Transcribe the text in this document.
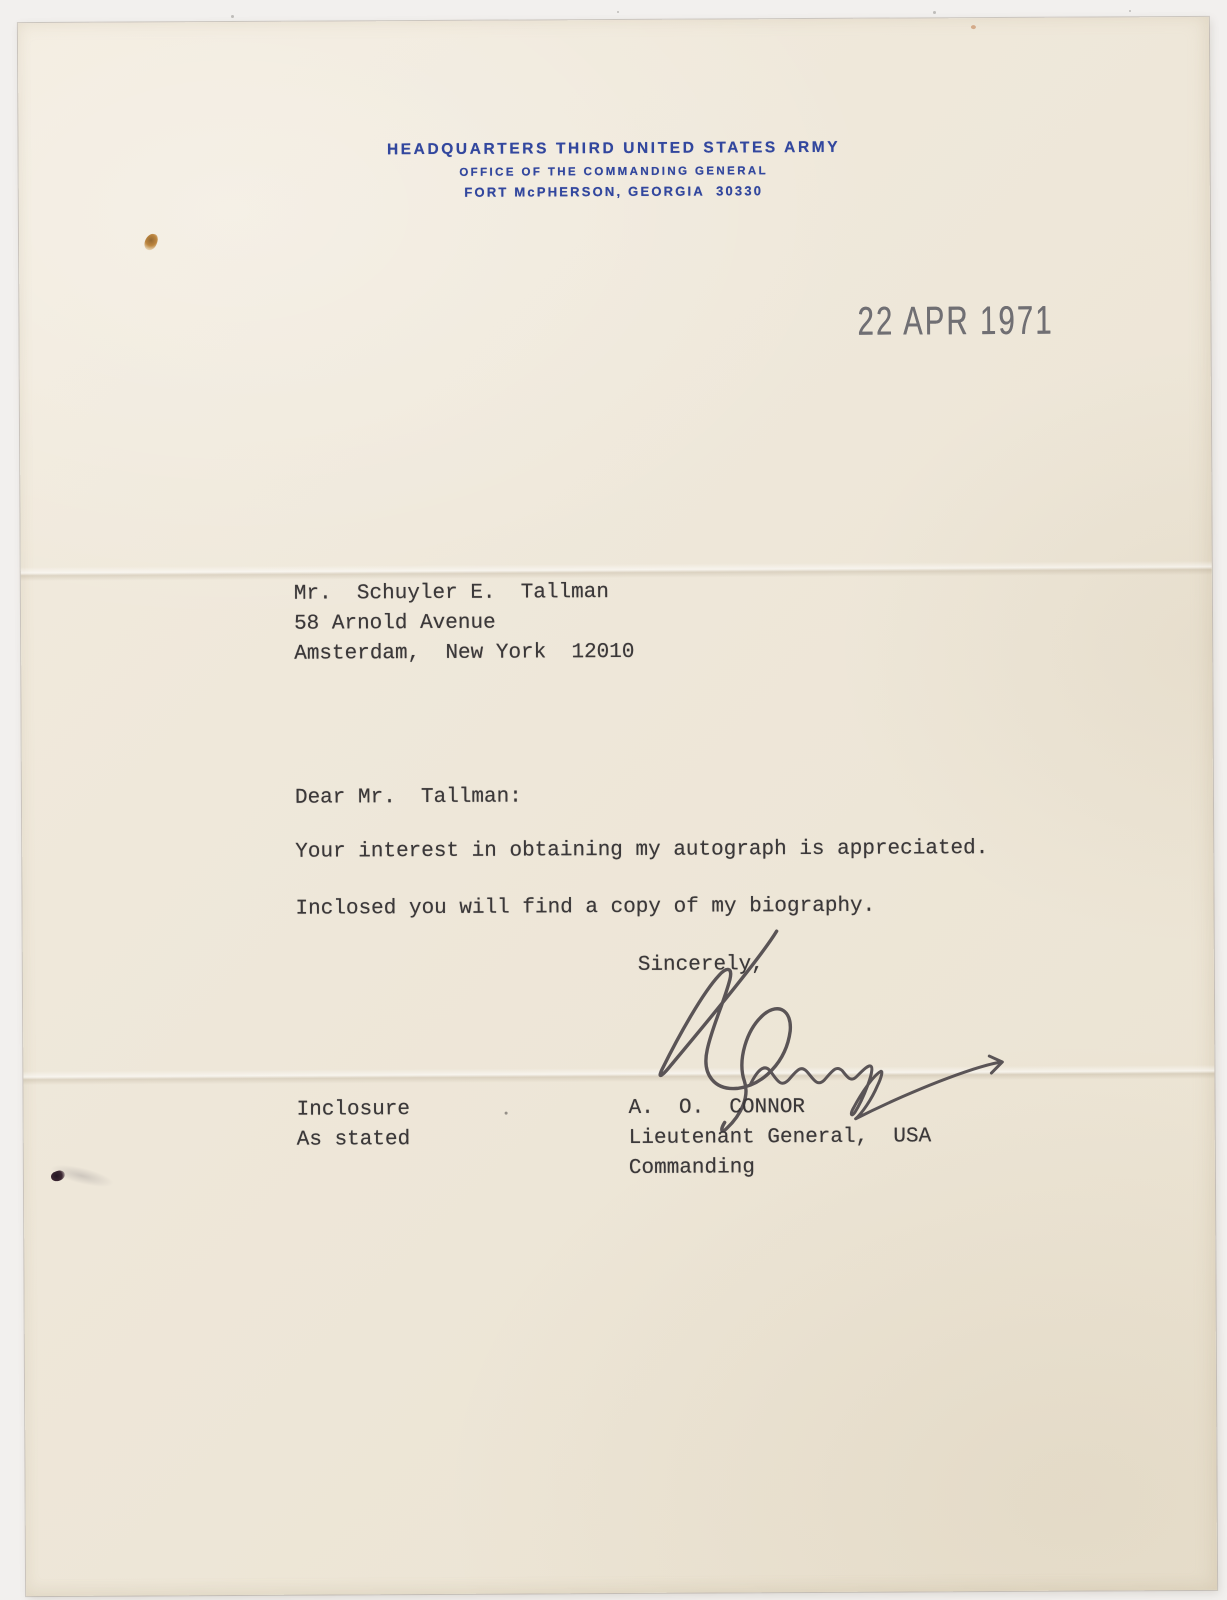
HEADQUARTERS THIRD UNITED STATES ARMY
OFFICE OF THE COMMANDING GENERAL
FORT McPHERSON, GEORGIA  30330
22 APR 1971
Mr.  Schuyler E.  Tallman
58 Arnold Avenue
Amsterdam,  New York  12010
Dear Mr.  Tallman:
Your interest in obtaining my autograph is appreciated.
Inclosed you will find a copy of my biography.
Sincerely,
Inclosure
As stated
A.  O.  CONNOR
Lieutenant General,  USA
Commanding
